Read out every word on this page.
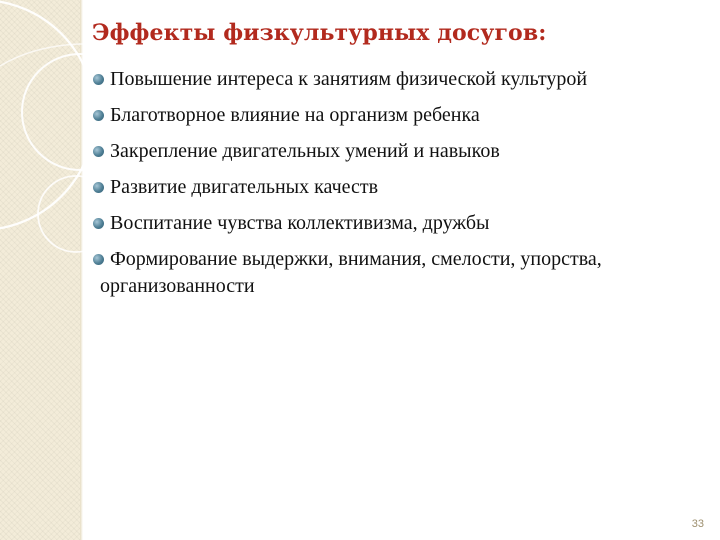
Эффекты физкультурных досугов:
Повышение интереса к занятиям физической культурой
Благотворное влияние на организм ребенка
Закрепление двигательных умений и навыков
Развитие двигательных качеств
Воспитание чувства коллективизма, дружбы
Формирование выдержки, внимания, смелости, упорства, организованности
33
